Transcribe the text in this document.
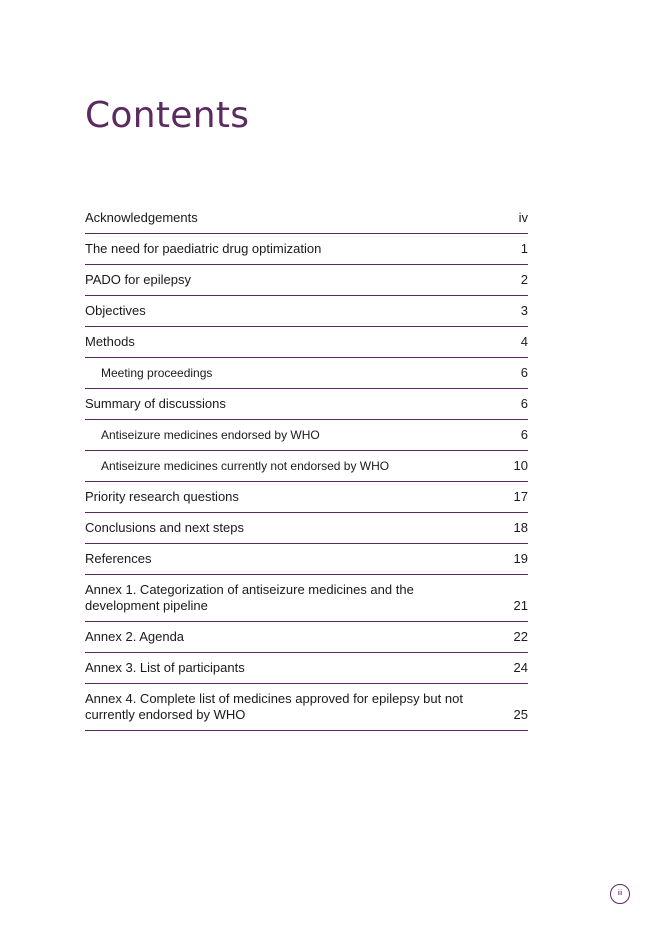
Contents
Acknowledgements	iv
The need for paediatric drug optimization	1
PADO for epilepsy	2
Objectives	3
Methods	4
Meeting proceedings	6
Summary of discussions	6
Antiseizure medicines endorsed by WHO	6
Antiseizure medicines currently not endorsed by WHO	10
Priority research questions	17
Conclusions and next steps	18
References	19
Annex 1. Categorization of antiseizure medicines and the development pipeline	21
Annex 2. Agenda	22
Annex 3. List of participants	24
Annex 4. Complete list of medicines approved for epilepsy but not currently endorsed by WHO	25
iii
